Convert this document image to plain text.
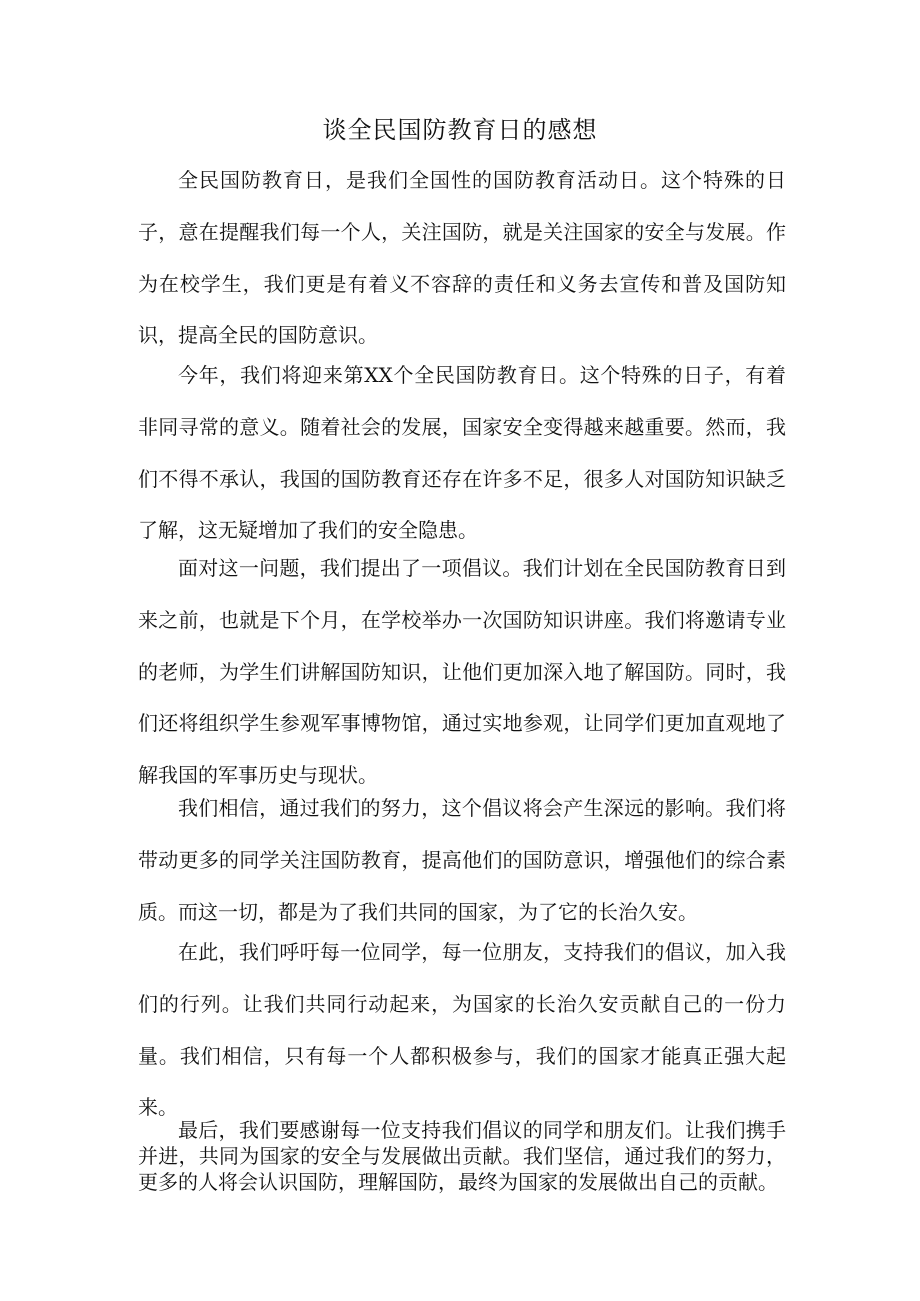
谈全民国防教育日的感想

全民国防教育日，是我们全国性的国防教育活动日。这个特殊的日子，意在提醒我们每一个人，关注国防，就是关注国家的安全与发展。作为在校学生，我们更是有着义不容辞的责任和义务去宣传和普及国防知识，提高全民的国防意识。

今年，我们将迎来第XX个全民国防教育日。这个特殊的日子，有着非同寻常的意义。随着社会的发展，国家安全变得越来越重要。然而，我们不得不承认，我国的国防教育还存在许多不足，很多人对国防知识缺乏了解，这无疑增加了我们的安全隐患。

面对这一问题，我们提出了一项倡议。我们计划在全民国防教育日到来之前，也就是下个月，在学校举办一次国防知识讲座。我们将邀请专业的老师，为学生们讲解国防知识，让他们更加深入地了解国防。同时，我们还将组织学生参观军事博物馆，通过实地参观，让同学们更加直观地了解我国的军事历史与现状。

我们相信，通过我们的努力，这个倡议将会产生深远的影响。我们将带动更多的同学关注国防教育，提高他们的国防意识，增强他们的综合素质。而这一切，都是为了我们共同的国家，为了它的长治久安。

在此，我们呼吁每一位同学，每一位朋友，支持我们的倡议，加入我们的行列。让我们共同行动起来，为国家的长治久安贡献自己的一份力量。我们相信，只有每一个人都积极参与，我们的国家才能真正强大起来。

最后，我们要感谢每一位支持我们倡议的同学和朋友们。让我们携手并进，共同为国家的安全与发展做出贡献。我们坚信，通过我们的努力，更多的人将会认识国防，理解国防，最终为国家的发展做出自己的贡献。
